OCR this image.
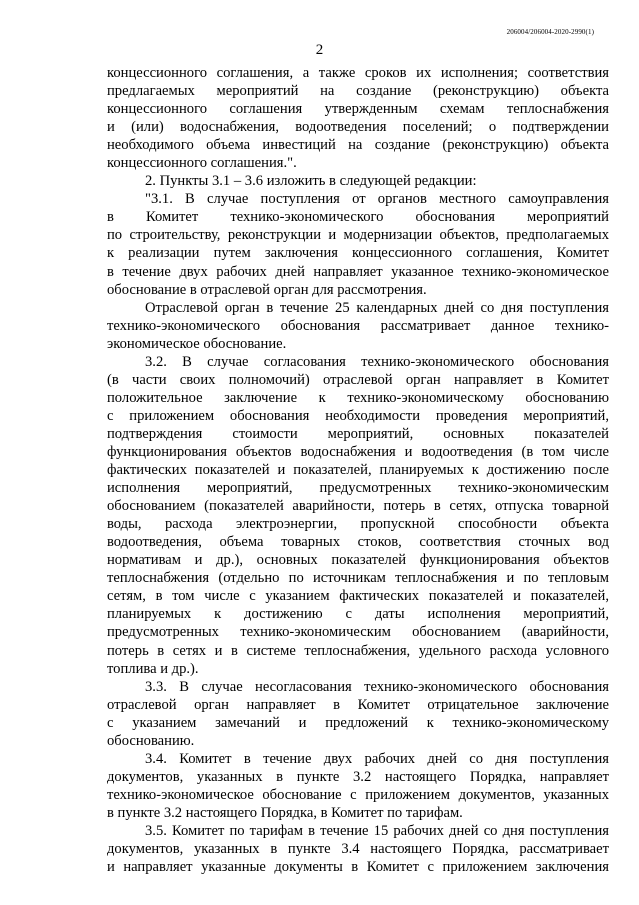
206004/206004-2020-2990(1)
2

концессионного соглашения, а также сроков их исполнения; соответствия

предлагаемых мероприятий на создание (реконструкцию) объекта

концессионного соглашения утвержденным схемам теплоснабжения

и (или) водоснабжения, водоотведения поселений; о подтверждении

необходимого объема инвестиций на создание (реконструкцию) объекта

концессионного соглашения.".

2. Пункты 3.1 – 3.6 изложить в следующей редакции:

"3.1. В случае поступления от органов местного самоуправления

в Комитет технико-экономического обоснования мероприятий

по строительству, реконструкции и модернизации объектов, предполагаемых

к реализации путем заключения концессионного соглашения, Комитет

в течение двух рабочих дней направляет указанное технико-экономическое

обоснование в отраслевой орган для рассмотрения.

Отраслевой орган в течение 25 календарных дней со дня поступления

технико-экономического обоснования рассматривает данное технико-

экономическое обоснование.

3.2. В случае согласования технико-экономического обоснования

(в части своих полномочий) отраслевой орган направляет в Комитет

положительное заключение к технико-экономическому обоснованию

с приложением обоснования необходимости проведения мероприятий,

подтверждения стоимости мероприятий, основных показателей

функционирования объектов водоснабжения и водоотведения (в том числе

фактических показателей и показателей, планируемых к достижению после

исполнения мероприятий, предусмотренных технико-экономическим

обоснованием (показателей аварийности, потерь в сетях, отпуска товарной

воды, расхода электроэнергии, пропускной способности объекта

водоотведения, объема товарных стоков, соответствия сточных вод

нормативам и др.), основных показателей функционирования объектов

теплоснабжения (отдельно по источникам теплоснабжения и по тепловым

сетям, в том числе с указанием фактических показателей и показателей,

планируемых к достижению с даты исполнения мероприятий,

предусмотренных технико-экономическим обоснованием (аварийности,

потерь в сетях и в системе теплоснабжения, удельного расхода условного

топлива и др.).

3.3. В случае несогласования технико-экономического обоснования

отраслевой орган направляет в Комитет отрицательное заключение

с указанием замечаний и предложений к технико-экономическому

обоснованию.

3.4. Комитет в течение двух рабочих дней со дня поступления

документов, указанных в пункте 3.2 настоящего Порядка, направляет

технико-экономическое обоснование с приложением документов, указанных

в пункте 3.2 настоящего Порядка, в Комитет по тарифам.

3.5. Комитет по тарифам в течение 15 рабочих дней со дня поступления

документов, указанных в пункте 3.4 настоящего Порядка, рассматривает

и направляет указанные документы в Комитет с приложением заключения
